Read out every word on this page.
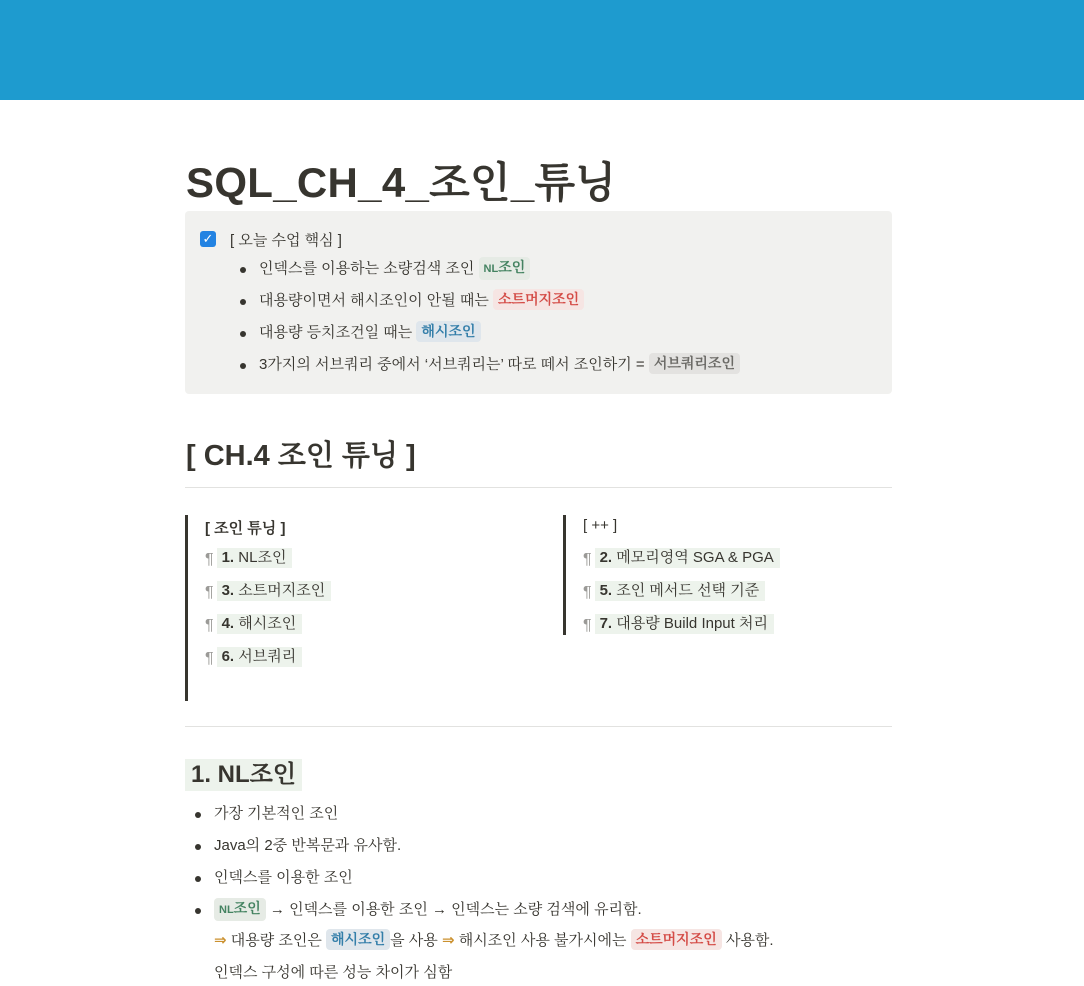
SQL_CH_4_조인_튜닝
✓ [ 오늘 수업 핵심 ]
인덱스를 이용하는 소량검색 조인 NL조인
대용량이면서 해시조인이 안될 때는 소트머지조인
대용량 등치조건일 때는 해시조인
3가지의 서브쿼리 중에서 ‘서브쿼리는’ 따로 떼서 조인하기 = 서브쿼리조인
[ CH.4 조인 튜닝 ]
[ 조인 튜닝 ]
¶ 1. NL조인
¶ 3. 소트머지조인
¶ 4. 해시조인
¶ 6. 서브쿼리
[ ++ ]
¶ 2. 메모리영역 SGA & PGA
¶ 5. 조인 메서드 선택 기준
¶ 7. 대용량 Build Input 처리
1. NL조인
가장 기본적인 조인
Java의 2중 반복문과 유사함.
인덱스를 이용한 조인
NL조인 → 인덱스를 이용한 조인 → 인덱스는 소량 검색에 유리함.
⇒ 대용량 조인은 해시조인 을 사용 ⇒ 해시조인 사용 불가시에는 소트머지조인 사용함.
인덱스 구성에 따른 성능 차이가 심함
